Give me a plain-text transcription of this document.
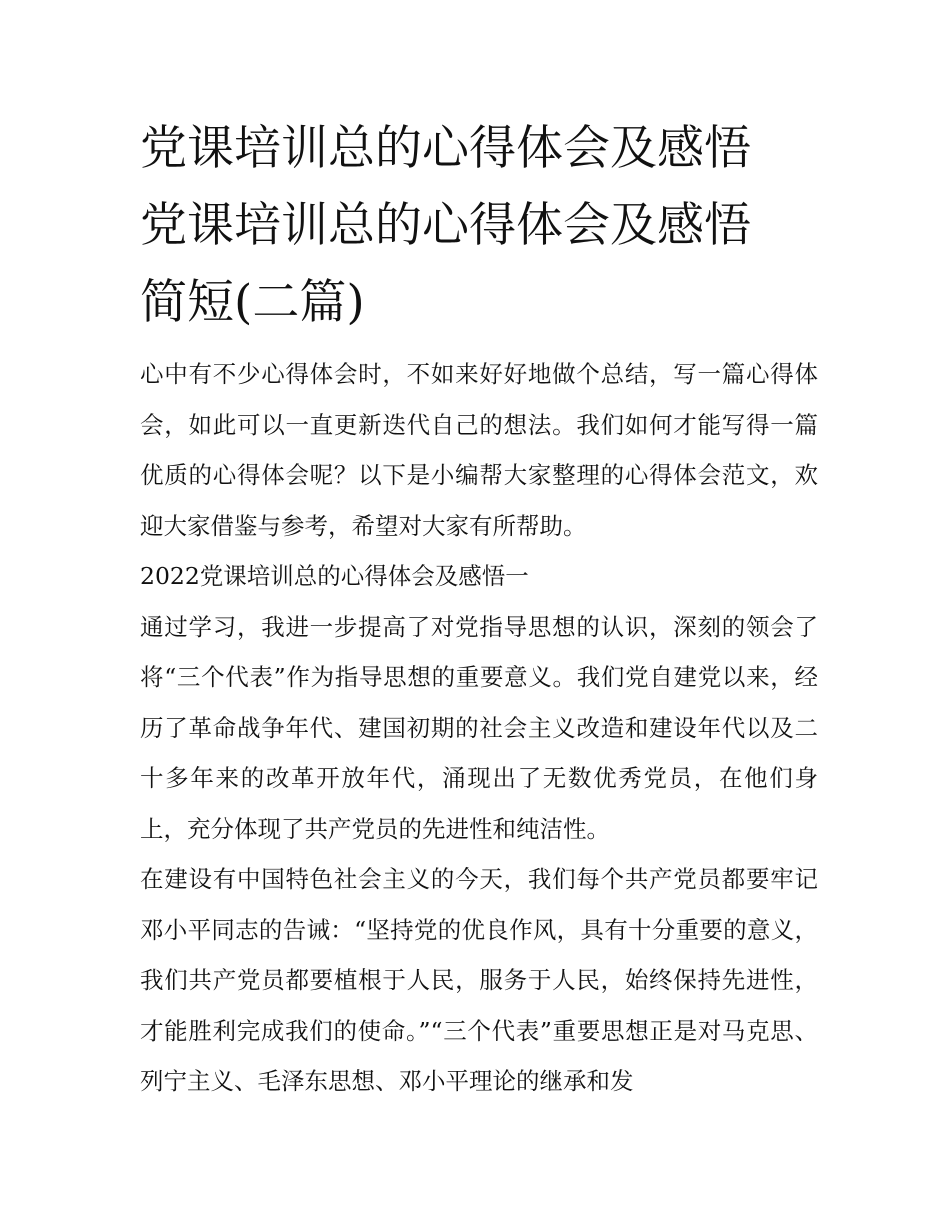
党课培训总的心得体会及感悟
党课培训总的心得体会及感悟
简短(二篇)

心中有不少心得体会时，不如来好好地做个总结，写一篇心得体会，如此可以一直更新迭代自己的想法。我们如何才能写得一篇优质的心得体会呢？以下是小编帮大家整理的心得体会范文，欢迎大家借鉴与参考，希望对大家有所帮助。

2022党课培训总的心得体会及感悟一

通过学习，我进一步提高了对党指导思想的认识，深刻的领会了将“三个代表”作为指导思想的重要意义。我们党自建党以来，经历了革命战争年代、建国初期的社会主义改造和建设年代以及二十多年来的改革开放年代，涌现出了无数优秀党员，在他们身上，充分体现了共产党员的先进性和纯洁性。

在建设有中国特色社会主义的今天，我们每个共产党员都要牢记邓小平同志的告诫：“坚持党的优良作风，具有十分重要的意义，我们共产党员都要植根于人民，服务于人民，始终保持先进性，才能胜利完成我们的使命。”“三个代表”重要思想正是对马克思、列宁主义、毛泽东思想、邓小平理论的继承和发
